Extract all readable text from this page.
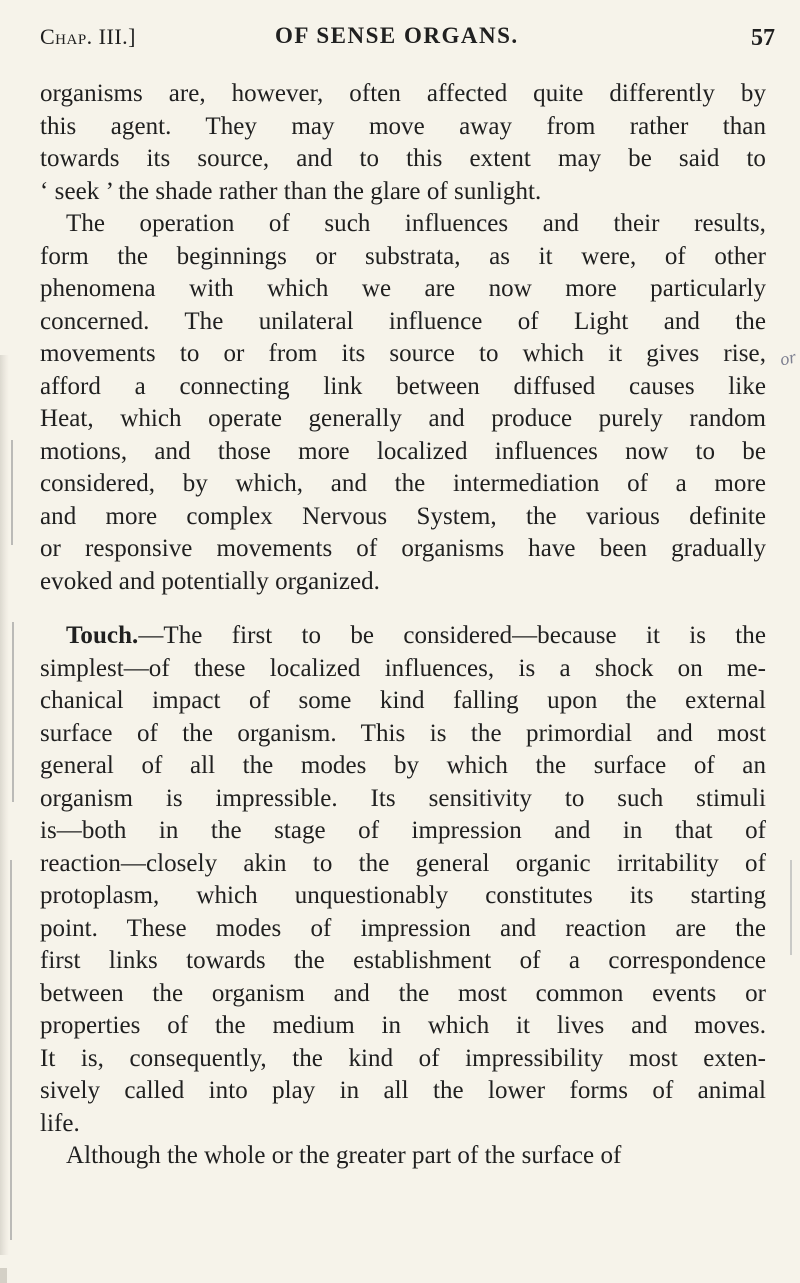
Chap. III.]	OF SENSE ORGANS.	57
organisms are, however, often affected quite differently by
this agent. They may move away from rather than
towards its source, and to this extent may be said to
‘ seek ’ the shade rather than the glare of sunlight.
The operation of such influences and their results,
form the beginnings or substrata, as it were, of other
phenomena with which we are now more particularly
concerned. The unilateral influence of Light and the
movements to or from its source to which it gives rise,
afford a connecting link between diffused causes like
Heat, which operate generally and produce purely random
motions, and those more localized influences now to be
considered, by which, and the intermediation of a more
and more complex Nervous System, the various definite
or responsive movements of organisms have been gradually
evoked and potentially organized.
Touch.—The first to be considered—because it is the
simplest—of these localized influences, is a shock on me-
chanical impact of some kind falling upon the external
surface of the organism. This is the primordial and most
general of all the modes by which the surface of an
organism is impressible. Its sensitivity to such stimuli
is—both in the stage of impression and in that of
reaction—closely akin to the general organic irritability of
protoplasm, which unquestionably constitutes its starting
point. These modes of impression and reaction are the
first links towards the establishment of a correspondence
between the organism and the most common events or
properties of the medium in which it lives and moves.
It is, consequently, the kind of impressibility most exten-
sively called into play in all the lower forms of animal
life.
Although the whole or the greater part of the surface of
or
